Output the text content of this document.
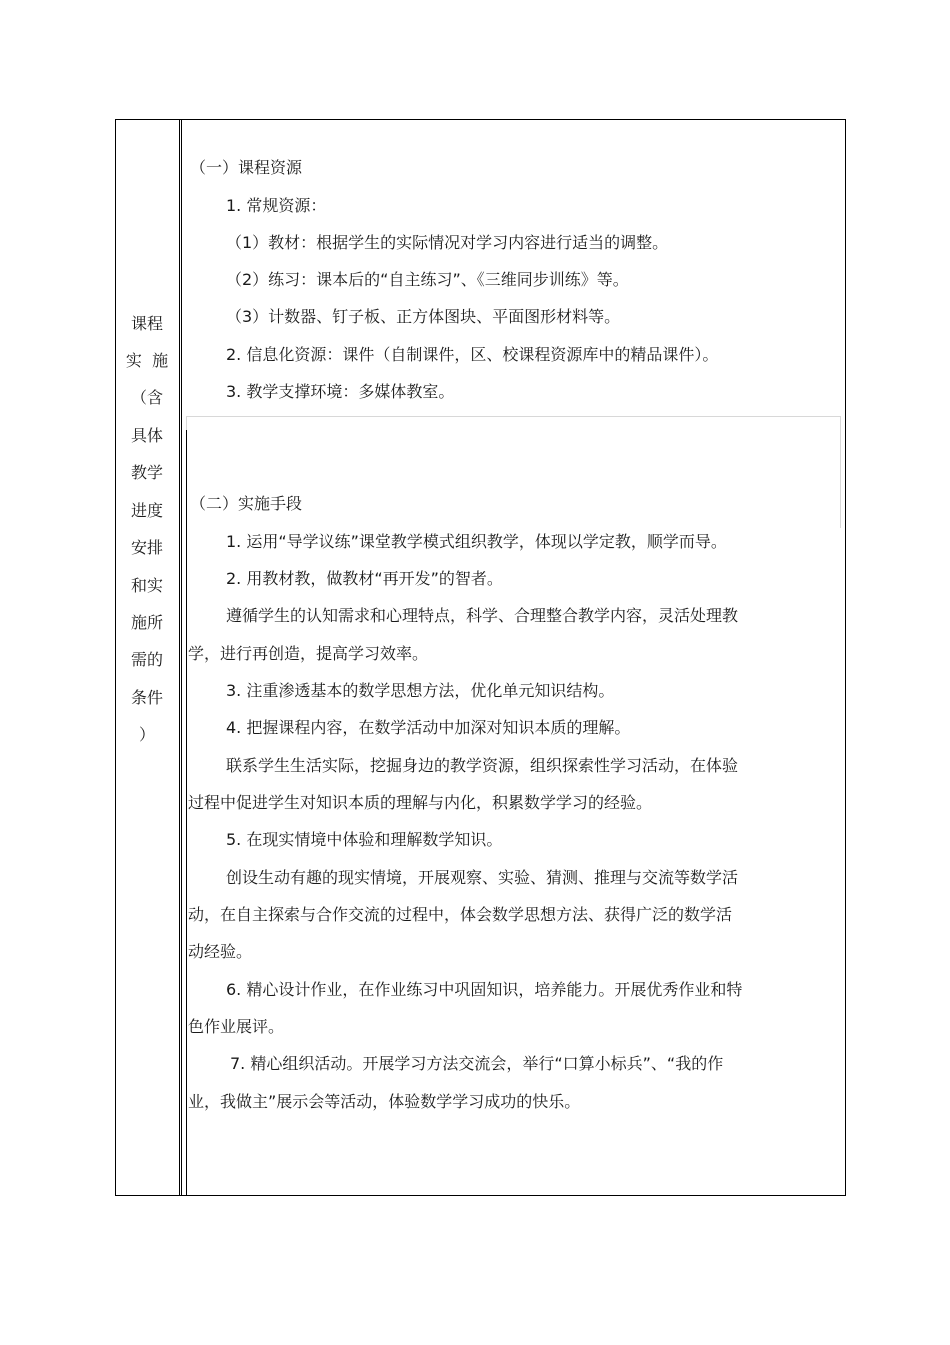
课程
实  施
（含
具体
教学
进度
安排
和实
施所
需的
条件
）
（一）课程资源
1. 常规资源：
（1）教材：根据学生的实际情况对学习内容进行适当的调整。
（2）练习：课本后的“自主练习”、《三维同步训练》等。
（3）计数器、钉子板、正方体图块、平面图形材料等。
2. 信息化资源：课件（自制课件，区、校课程资源库中的精品课件）。
3. 教学支撑环境：多媒体教室。
（二）实施手段
1. 运用“导学议练”课堂教学模式组织教学，体现以学定教，顺学而导。
2. 用教材教，做教材“再开发”的智者。
遵循学生的认知需求和心理特点，科学、合理整合教学内容，灵活处理教
学，进行再创造，提高学习效率。
3. 注重渗透基本的数学思想方法，优化单元知识结构。
4. 把握课程内容，在数学活动中加深对知识本质的理解。
联系学生生活实际，挖掘身边的教学资源，组织探索性学习活动，在体验
过程中促进学生对知识本质的理解与内化，积累数学学习的经验。
5. 在现实情境中体验和理解数学知识。
创设生动有趣的现实情境，开展观察、实验、猜测、推理与交流等数学活
动，在自主探索与合作交流的过程中，体会数学思想方法、获得广泛的数学活
动经验。
6. 精心设计作业，在作业练习中巩固知识，培养能力。开展优秀作业和特
色作业展评。
7. 精心组织活动。开展学习方法交流会，举行“口算小标兵”、“我的作
业，我做主”展示会等活动，体验数学学习成功的快乐。
